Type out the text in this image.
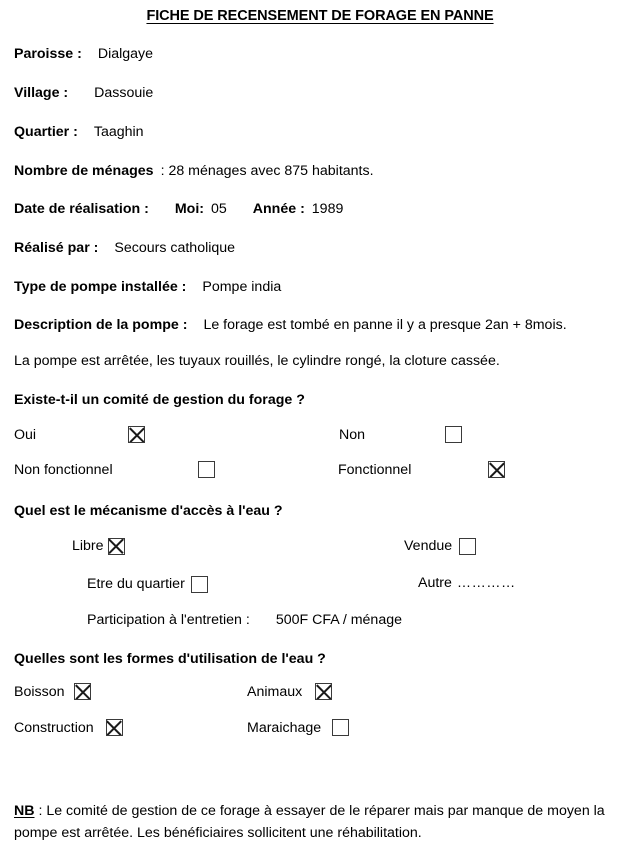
FICHE DE RECENSEMENT DE FORAGE EN PANNE
Paroisse : Dialgaye
Village : Dassouie
Quartier : Taaghin
Nombre de ménages : 28 ménages avec 875 habitants.
Date de réalisation : Moi: 05 Année : 1989
Réalisé par : Secours catholique
Type de pompe installée : Pompe india
Description de la pompe : Le forage est tombé en panne il y a presque 2an + 8mois.
La pompe est arrêtée, les tuyaux rouillés, le cylindre rongé, la cloture cassée.
Existe-t-il un comité de gestion du forage ?
Oui	Non
Non fonctionnel	Fonctionnel
Quel est le mécanisme d'accès à l'eau ?
Libre	Vendue
Etre du quartier	Autre …………
Participation à l'entretien : 500F CFA / ménage
Quelles sont les formes d'utilisation de l'eau ?
Boisson	Animaux
Construction	Maraichage
NB : Le comité de gestion de ce forage à essayer de le réparer mais par manque de moyen la pompe est arrêtée. Les bénéficiaires sollicitent une réhabilitation.
